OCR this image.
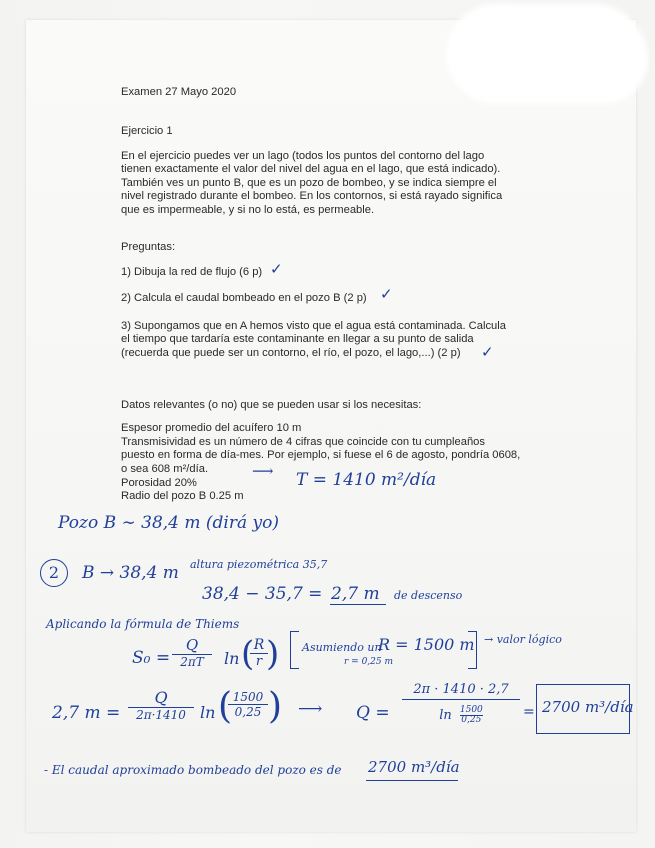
Examen 27 Mayo 2020

Ejercicio 1

En el ejercicio puedes ver un lago (todos los puntos del contorno del lago tienen exactamente el valor del nivel del agua en el lago, que está indicado). También ves un punto B, que es un pozo de bombeo, y se indica siempre el nivel registrado durante el bombeo. En los contornos, si está rayado significa que es impermeable, y si no lo está, es permeable.

Preguntas:

1) Dibuja la red de flujo (6 p) ✓

2) Calcula el caudal bombeado en el pozo B (2 p) ✓

3) Supongamos que en A hemos visto que el agua está contaminada. Calcula el tiempo que tardaría este contaminante en llegar a su punto de salida (recuerda que puede ser un contorno, el río, el pozo, el lago,...) (2 p)	✓

Datos relevantes (o no) que se pueden usar si los necesitas:

Espesor promedio del acuífero 10 m

Transmisividad es un número de 4 cifras que coincide con tu cumpleaños puesto en forma de día-mes. Por ejemplo, si fuese el 6 de agosto, pondría 0608, o sea 608 m²/día.

Porosidad 20%

Radio del pozo B 0.25 m

⟶ T = 1410 m²/día
Pozo B ∼ 38,4 m (dirá yo)
2	B → 38,4 m altura piezométrica 35,7
38,4 − 35,7 = 2,7 m de descenso
Aplicando la fórmula de Thiems
S₀ =
Q
2πT	ln (
$\frac{R}{r}$
) Asumiendo un
R = 1500 m
r = 0,25 m
→ valor lógico
2,7 m =
Q
2π·1410 ln (
$\frac{1500}{0,25}$ ) ⟶ $Q = \frac{2\pi \cdot 1410 \cdot 2,7}{\ln \frac{1500}{0,25}} = 2700$ m³/día
- El caudal aproximado bombeado del pozo es de 2700 m³/día
